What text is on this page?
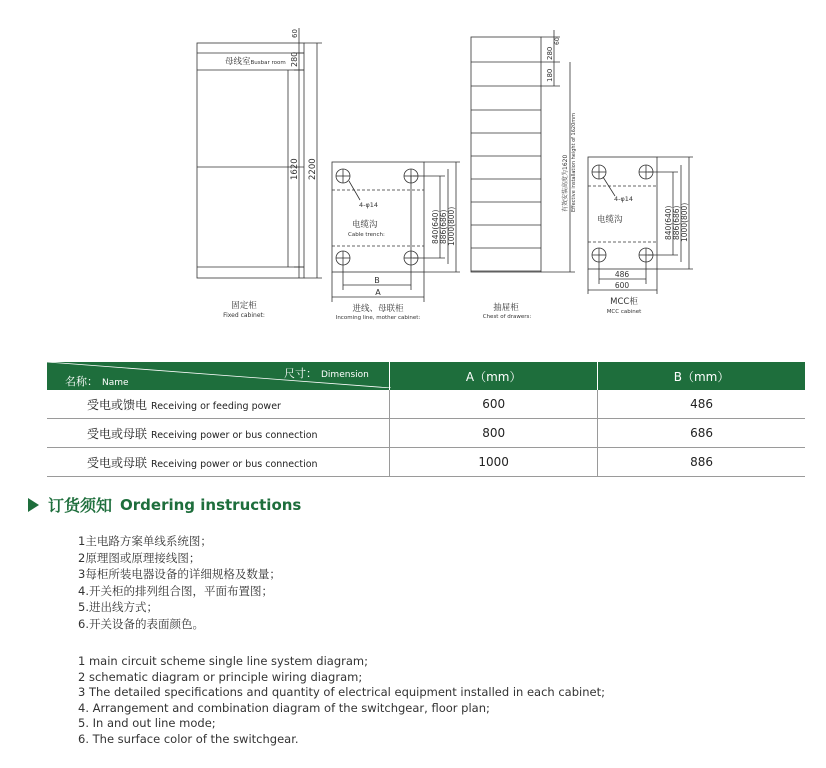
母线室Busbar room
60
280
1620 2200
固定柜
Fixed cabinet:
4-φ14
电缆沟
Cable trench:	840(640) 886(686) 1000(800)
B
A
进线、母联柜
Incoming line, mother cabinet:
60
280
180
有效安装高度为1620 Effective installation height of 1620mm
抽屉柜
Chest of drawers:
4-φ14
电缆沟	840(640) 886(686) 1000(800)
486
600
MCC柜
MCC cabinet
名称： Name
尺寸： Dimension	A（mm）	B（mm）
受电或馈电 Receiving or feeding power	600	486
受电或母联 Receiving power or bus connection	800	686
受电或母联 Receiving power or bus connection	1000	886
订货须知 Ordering instructions
1主电路方案单线系统图；
2原理图或原理接线图；
3每柜所装电器设备的详细规格及数量；
4.开关柜的排列组合图，平面布置图；
5.进出线方式；
6.开关设备的表面颜色。
1 main circuit scheme single line system diagram;
2 schematic diagram or principle wiring diagram;
3 The detailed specifications and quantity of electrical equipment installed in each cabinet;
4. Arrangement and combination diagram of the switchgear, floor plan;
5. In and out line mode;
6. The surface color of the switchgear.
